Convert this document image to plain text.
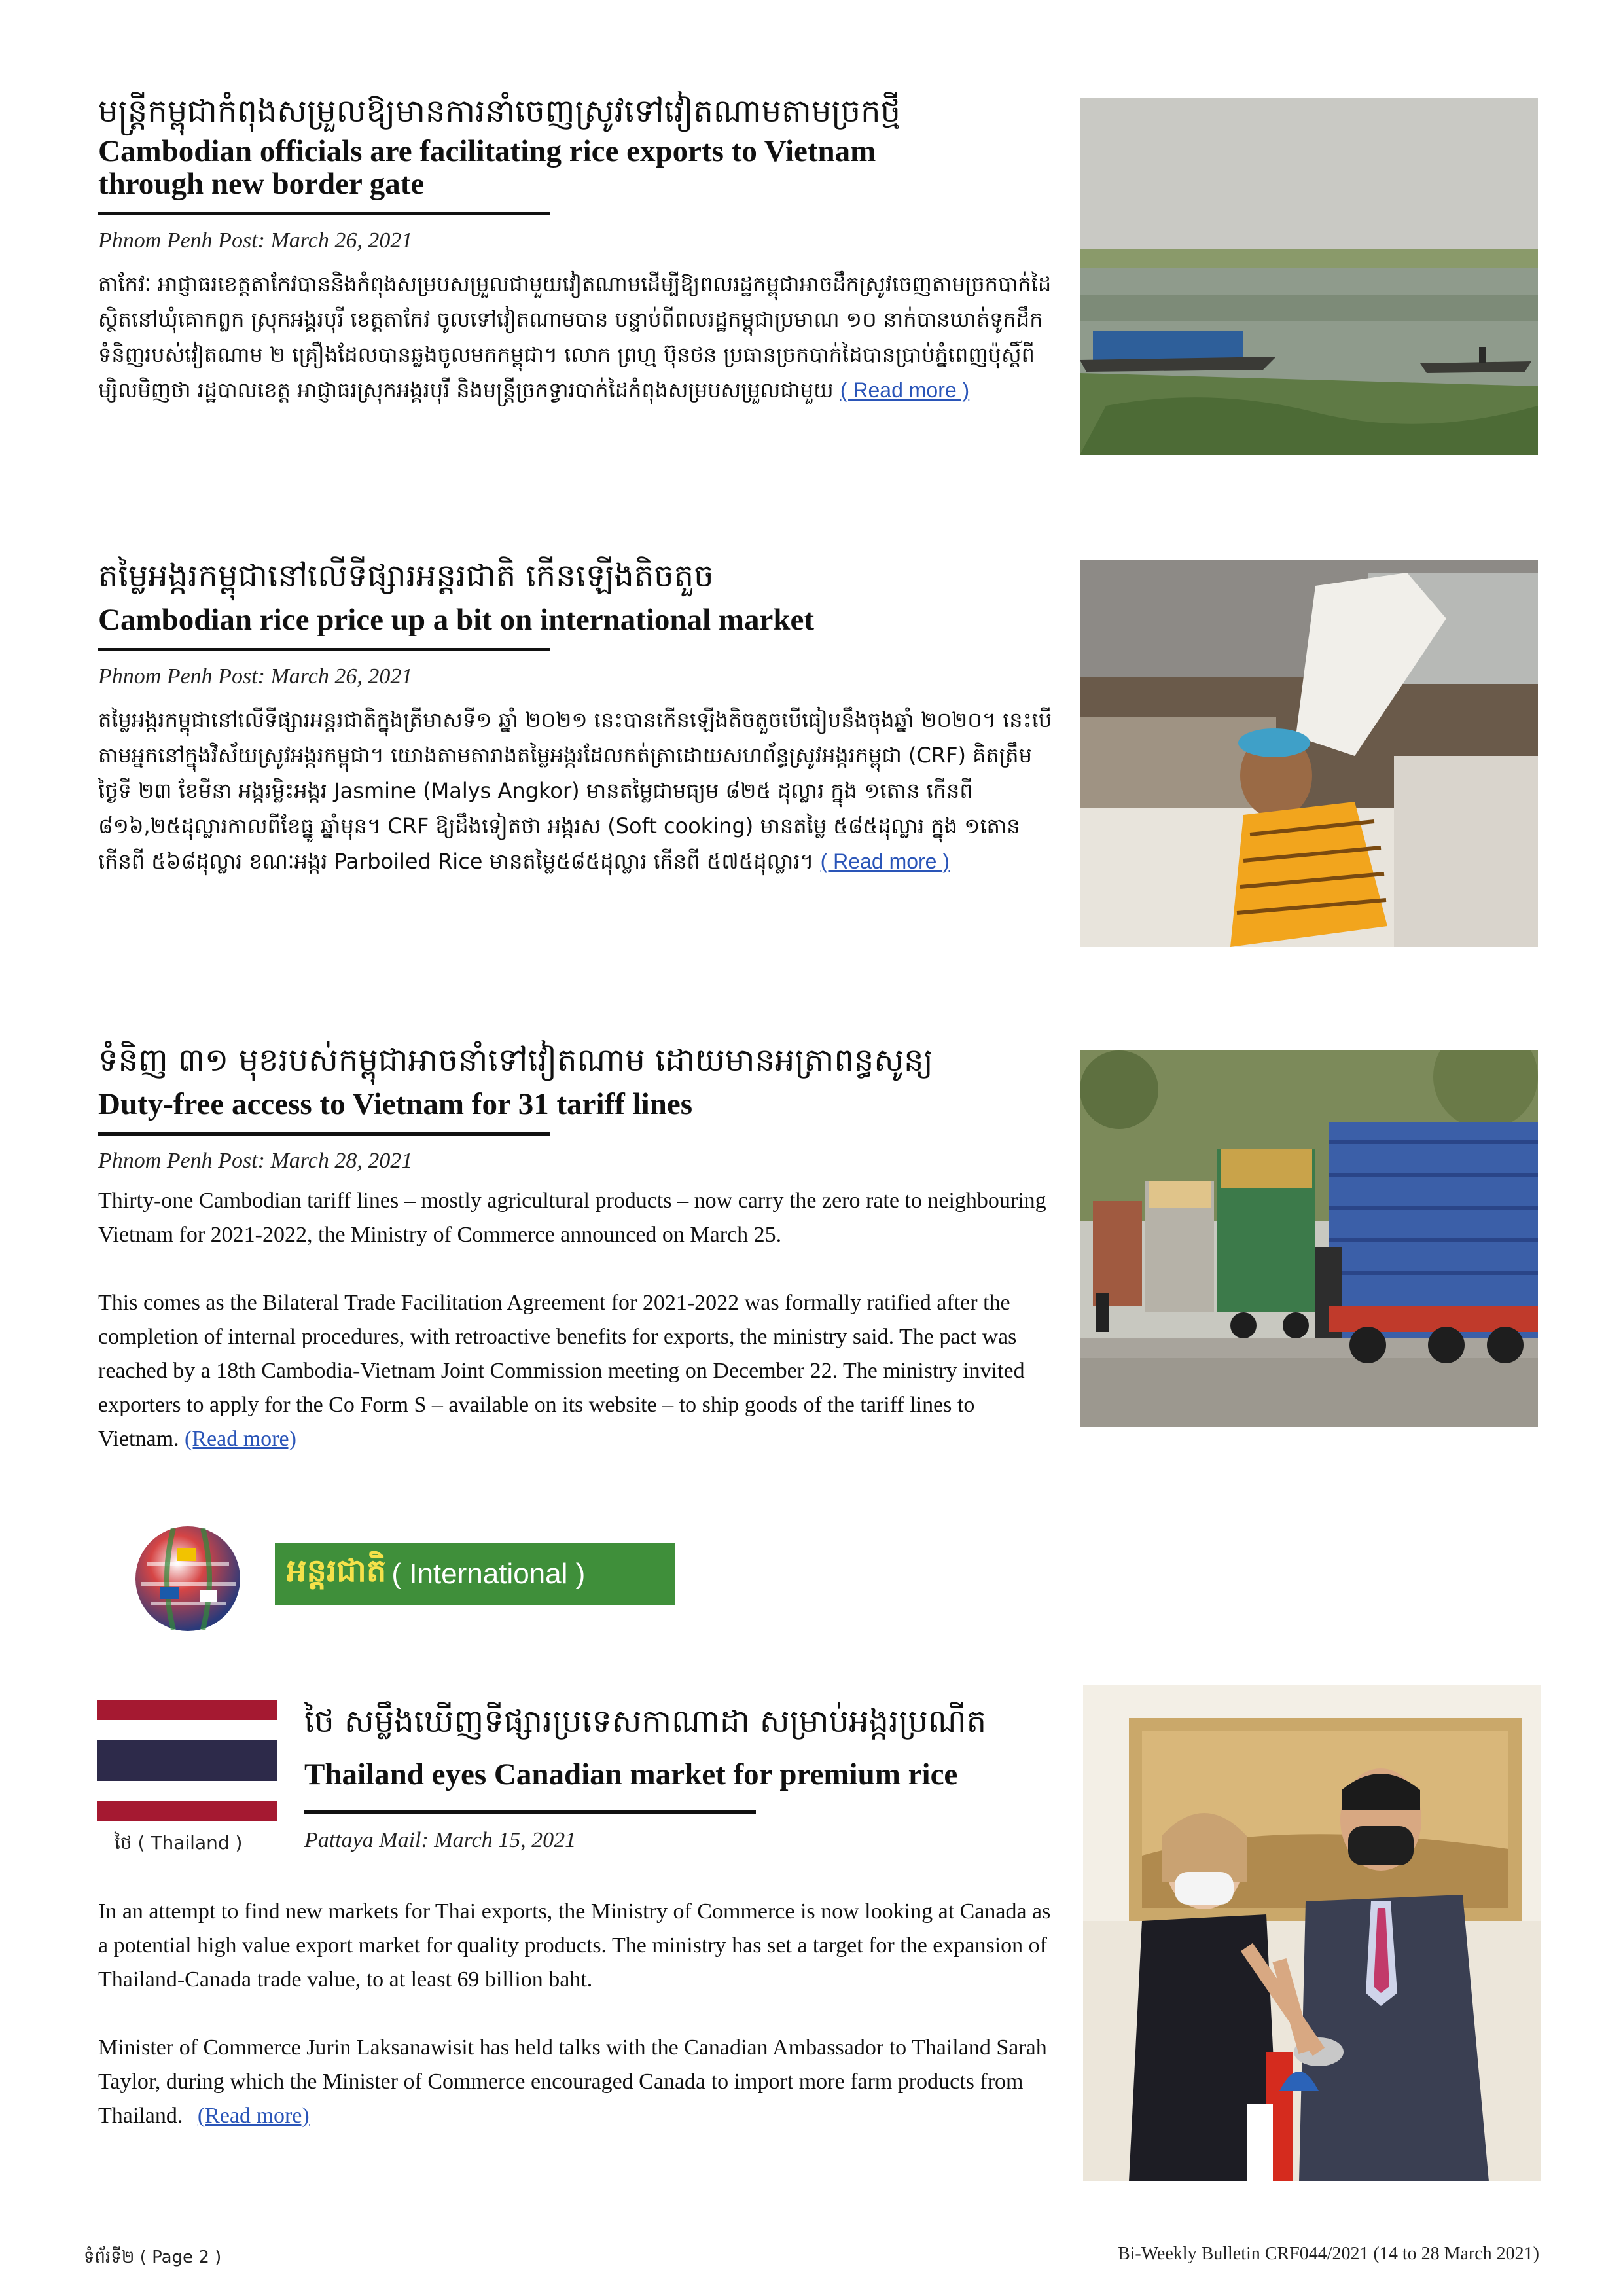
មន្ត្រីកម្ពុជាកំពុងសម្រួលឱ្យមានការនាំចេញស្រូវទៅវៀតណាមតាមច្រកថ្មី
Cambodian officials are facilitating rice exports to Vietnam through new border gate
Phnom Penh Post: March 26, 2021
តាកែវៈ អាជ្ញាធរខេត្តតាកែវបាននិងកំពុងសម្របសម្រួលជាមួយវៀតណាមដើម្បីឱ្យពលរដ្ឋកម្ពុជាអាចដឹកស្រូវចេញតាមច្រកបាក់ដៃ ស្ថិតនៅឃុំគោកព្លក ស្រុកអង្គរបុរី ខេត្តតាកែវ ចូលទៅវៀតណាមបាន បន្ទាប់ពីពលរដ្ឋកម្ពុជាប្រមាណ ១០ នាក់បានឃាត់ទូកដឹកទំនិញរបស់វៀតណាម ២ គ្រឿងដែលបានឆ្លងចូលមកកម្ពុជា។ លោក ព្រហ្ម ប៊ុនថន ប្រធានច្រកបាក់ដៃបានប្រាប់ភ្នំពេញប៉ុស្តិ៍ពីម្សិលមិញថា រដ្ឋបាលខេត្ត អាជ្ញាធរស្រុកអង្គរបុរី និងមន្ត្រីច្រកទ្វារបាក់ដៃកំពុងសម្របសម្រួលជាមួយ ( Read more )
តម្លៃអង្ករកម្ពុជានៅលើទីផ្សារអន្តរជាតិ កើនឡើងតិចតួច
Cambodian rice price up a bit on international market
Phnom Penh Post: March 26, 2021
តម្លៃអង្ករកម្ពុជានៅលើទីផ្សារអន្តរជាតិក្នុងត្រីមាសទី១ ឆ្នាំ ២០២១ នេះបានកើនឡើងតិចតួចបើធៀបនឹងចុងឆ្នាំ ២០២០។ នេះបើតាមអ្នកនៅក្នុងវិស័យស្រូវអង្ករកម្ពុជា។ យោងតាមតារាងតម្លៃអង្ករដែលកត់ត្រាដោយសហព័ន្ធស្រូវអង្ករកម្ពុជា (CRF) គិតត្រឹមថ្ងៃទី ២៣ ខែមីនា អង្ករម្លិះអង្ករ Jasmine (Malys Angkor) មានតម្លៃជាមធ្យម ៨២៥ ដុល្លារ ក្នុង ១តោន កើនពី ៨១៦,២៥ដុល្លារកាលពីខែធ្នូ ឆ្នាំមុន។ CRF ឱ្យដឹងទៀតថា អង្ករស (Soft cooking) មានតម្លៃ ៥៨៥ដុល្លារ ក្នុង ១តោន កើនពី ៥៦៨ដុល្លារ ខណៈអង្ករ Parboiled Rice មានតម្លៃ៥៨៥ដុល្លារ កើនពី ៥៧៥ដុល្លារ។ ( Read more )
ទំនិញ ៣១ មុខរបស់កម្ពុជាអាចនាំទៅវៀតណាម ដោយមានអត្រាពន្ធសូន្យ
Duty-free access to Vietnam for 31 tariff lines
Phnom Penh Post: March 28, 2021
Thirty-one Cambodian tariff lines – mostly agricultural products – now carry the zero rate to neighbouring Vietnam for 2021-2022, the Ministry of Commerce announced on March 25.
This comes as the Bilateral Trade Facilitation Agreement for 2021-2022 was formally ratified after the completion of internal procedures, with retroactive benefits for exports, the ministry said. The pact was reached by a 18th Cambodia-Vietnam Joint Commission meeting on December 22. The ministry invited exporters to apply for the Co Form S – available on its website – to ship goods of the tariff lines to Vietnam. (Read more)
អន្តរជាតិ ( International )
ថៃ ( Thailand )
ថៃ សម្លឹងឃើញទីផ្សារប្រទេសកាណាដា សម្រាប់អង្ករប្រណីត
Thailand eyes Canadian market for premium rice
Pattaya Mail: March 15, 2021
In an attempt to find new markets for Thai exports, the Ministry of Commerce is now looking at Canada as a potential high value export market for quality products. The ministry has set a target for the expansion of Thailand-Canada trade value, to at least 69 billion baht.
Minister of Commerce Jurin Laksanawisit has held talks with the Canadian Ambassador to Thailand Sarah Taylor, during which the Minister of Commerce encouraged Canada to import more farm products from Thailand. (Read more)
ទំព័រទី២ ( Page 2 )	Bi-Weekly Bulletin CRF044/2021 (14 to 28 March 2021)
